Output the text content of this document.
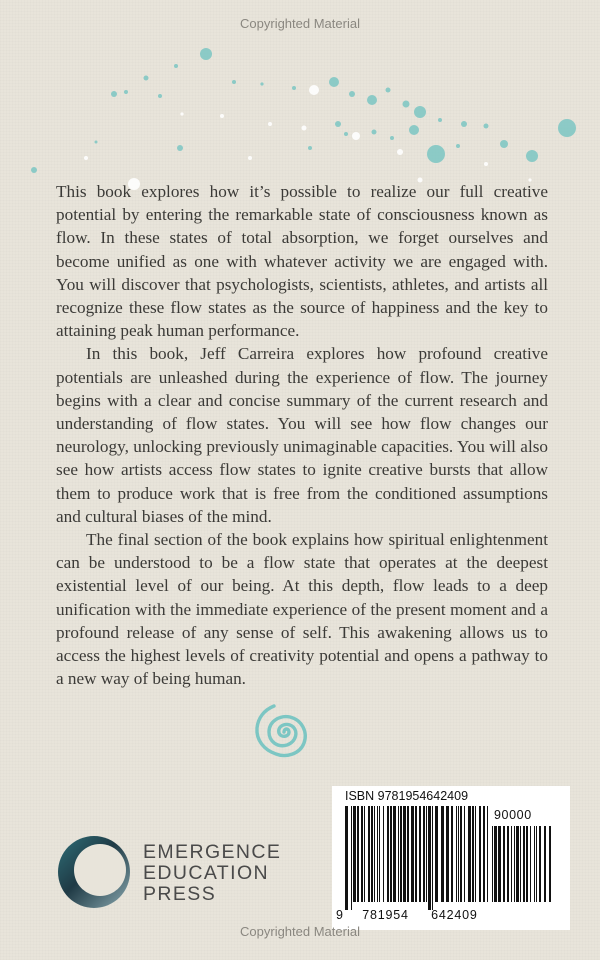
Copyrighted Material

This book explores how it’s possible to realize our full creative potential by entering the remarkable state of consciousness known as flow. In these states of total absorption, we forget ourselves and become unified as one with whatever activity we are engaged with. You will discover that psychologists, scientists, athletes, and artists all recognize these flow states as the source of happiness and the key to attaining peak human performance.

In this book, Jeff Carreira explores how profound creative potentials are unleashed during the experience of flow. The journey begins with a clear and concise summary of the current research and understanding of flow states. You will see how flow changes our neurology, unlocking previously unimaginable capacities. You will also see how artists access flow states to ignite creative bursts that allow them to produce work that is free from the conditioned assumptions and cultural biases of the mind.

The final section of the book explains how spiritual enlightenment can be understood to be a flow state that operates at the deepest existential level of our being. At this depth, flow leads to a deep unification with the immediate experience of the present moment and a profound release of any sense of self. This awakening allows us to access the highest levels of creativity potential and opens a pathway to a new way of being human.

EMERGENCE
EDUCATION
PRESS
ISBN 9781954642409
90000
9 781954 642409
Copyrighted Material
